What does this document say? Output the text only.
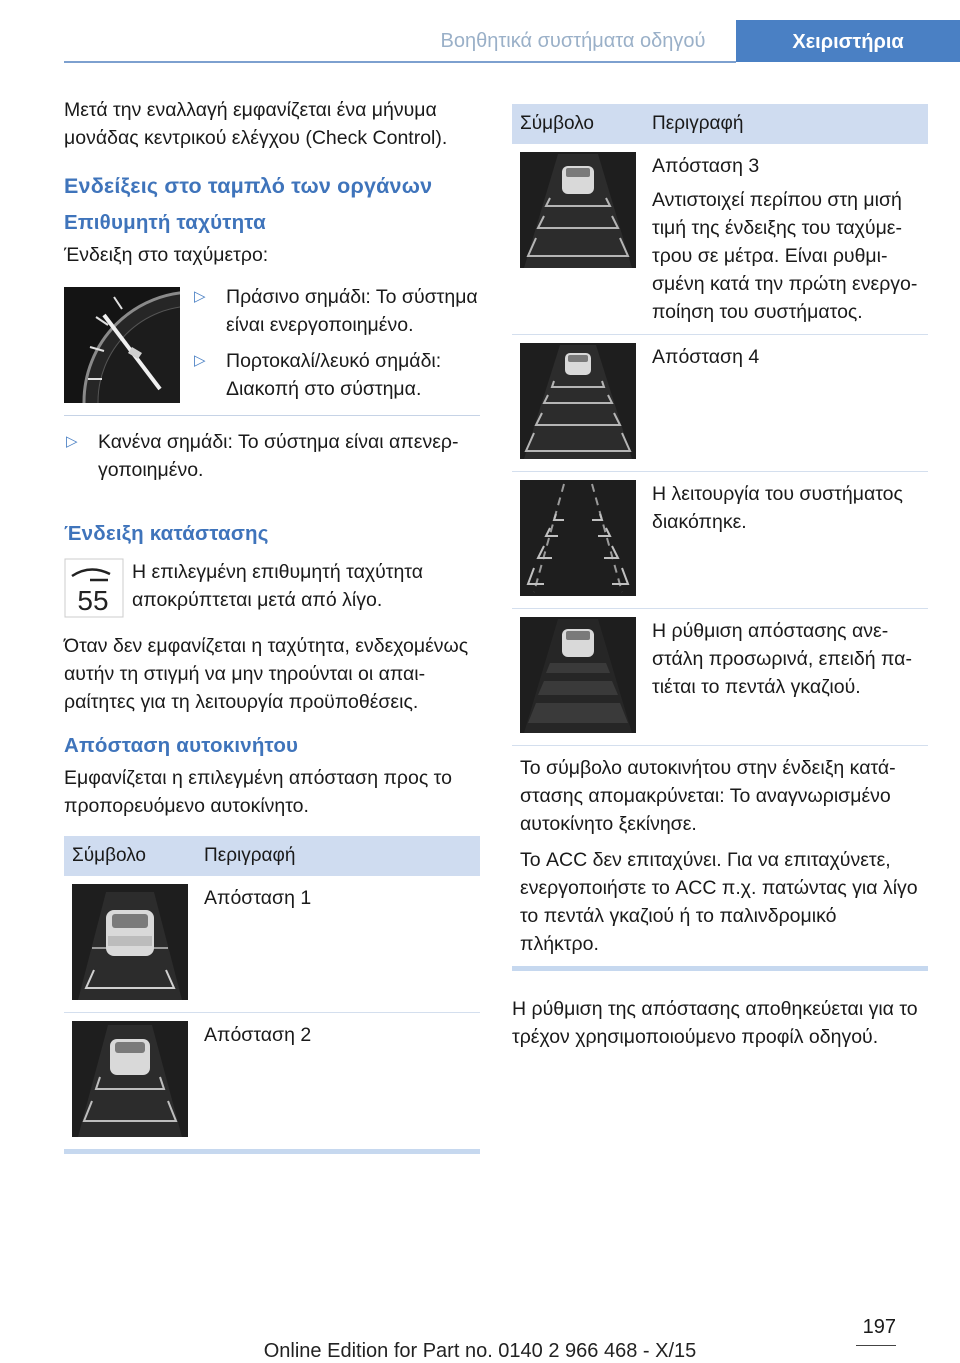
Βοηθητικά συστήματα οδηγού	Χειριστήρια

Μετά την εναλλαγή εμφανίζεται ένα μήνυμα μονάδας κεντρικού ελέγχου (Check Control).

Ενδείξεις στο ταμπλό των οργάνων
Επιθυμητή ταχύτητα

Ένδειξη στο ταχύμετρο:

▷ Πράσινο σημάδι: Το σύστημα είναι ενεργοποιημένο.
▷ Πορτοκαλί/λευκό σημάδι: Διακοπή στο σύστημα.
▷ Κανένα σημάδι: Το σύστημα είναι απενεργοποιημένο.
Ένδειξη κατάστασης
55

Η επιλεγμένη επιθυμητή ταχύτητα αποκρύπτεται μετά από λίγο.

Όταν δεν εμφανίζεται η ταχύτητα, ενδεχομένως αυτήν τη στιγμή να μην τηρούνται οι απαιραίτητες για τη λειτουργία προϋποθέσεις.

Απόσταση αυτοκινήτου

Εμφανίζεται η επιλεγμένη απόσταση προς το προπορευόμενο αυτοκίνητο.

Σύμβολο	Περιγραφή

	Απόσταση 1

	Απόσταση 2
Σύμβολο	Περιγραφή

Απόσταση 3
Αντιστοιχεί περίπου στη μισή τιμή της ένδειξης του ταχύμετρου σε μέτρα. Είναι ρυθμισμένη κατά την πρώτη ενεργοποίηση του συστήματος.

	Απόσταση 4

	Η λειτουργία του συστήματος διακόπηκε.

	Η ρύθμιση απόστασης ανεστάλη προσωρινά, επειδή πατιέται το πεντάλ γκαζιού.

Το σύμβολο αυτοκινήτου στην ένδειξη κατάστασης απομακρύνεται: Το αναγνωρισμένο αυτοκίνητο ξεκίνησε.
Το ACC δεν επιταχύνει. Για να επιταχύνετε, ενεργοποιήστε το ACC π.χ. πατώντας για λίγο το πεντάλ γκαζιού ή το παλινδρομικό πλήκτρο.	

Η ρύθμιση της απόστασης αποθηκεύεται για το τρέχον χρησιμοποιούμενο προφίλ οδηγού.

197
Online Edition for Part no. 0140 2 966 468 - X/15
